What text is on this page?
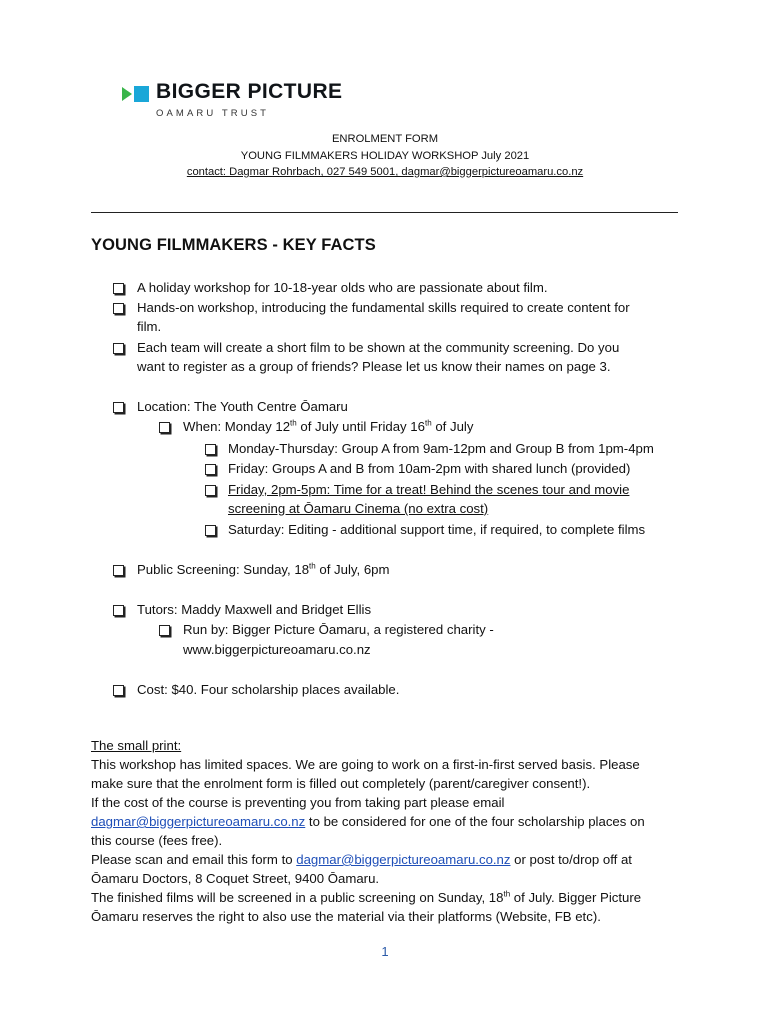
BIGGER PICTURE
OAMARU TRUST
ENROLMENT FORM
YOUNG FILMMAKERS HOLIDAY WORKSHOP July 2021
contact: Dagmar Rohrbach, 027 549 5001, dagmar@biggerpictureoamaru.co.nz
YOUNG FILMMAKERS - KEY FACTS
A holiday workshop for 10-18-year olds who are passionate about film.
Hands-on workshop, introducing the fundamental skills required to create content for
film.
Each team will create a short film to be shown at the community screening. Do you
want to register as a group of friends? Please let us know their names on page 3.
Location: The Youth Centre Ōamaru
When: Monday 12th of July until Friday 16th of July
Monday-Thursday: Group A from 9am-12pm and Group B from 1pm-4pm
Friday: Groups A and B from 10am-2pm with shared lunch (provided)
Friday, 2pm-5pm: Time for a treat! Behind the scenes tour and movie
screening at Ōamaru Cinema (no extra cost)
Saturday: Editing - additional support time, if required, to complete films
Public Screening: Sunday, 18th of July, 6pm
Tutors: Maddy Maxwell and Bridget Ellis
Run by: Bigger Picture Ōamaru, a registered charity -
www.biggerpictureoamaru.co.nz
Cost: $40. Four scholarship places available.
The small print:
This workshop has limited spaces. We are going to work on a first-in-first served basis. Please
make sure that the enrolment form is filled out completely (parent/caregiver consent!).
If the cost of the course is preventing you from taking part please email
dagmar@biggerpictureoamaru.co.nz to be considered for one of the four scholarship places on
this course (fees free).
Please scan and email this form to dagmar@biggerpictureoamaru.co.nz or post to/drop off at
Ōamaru Doctors, 8 Coquet Street, 9400 Ōamaru.
The finished films will be screened in a public screening on Sunday, 18th of July. Bigger Picture
Ōamaru reserves the right to also use the material via their platforms (Website, FB etc).
1
